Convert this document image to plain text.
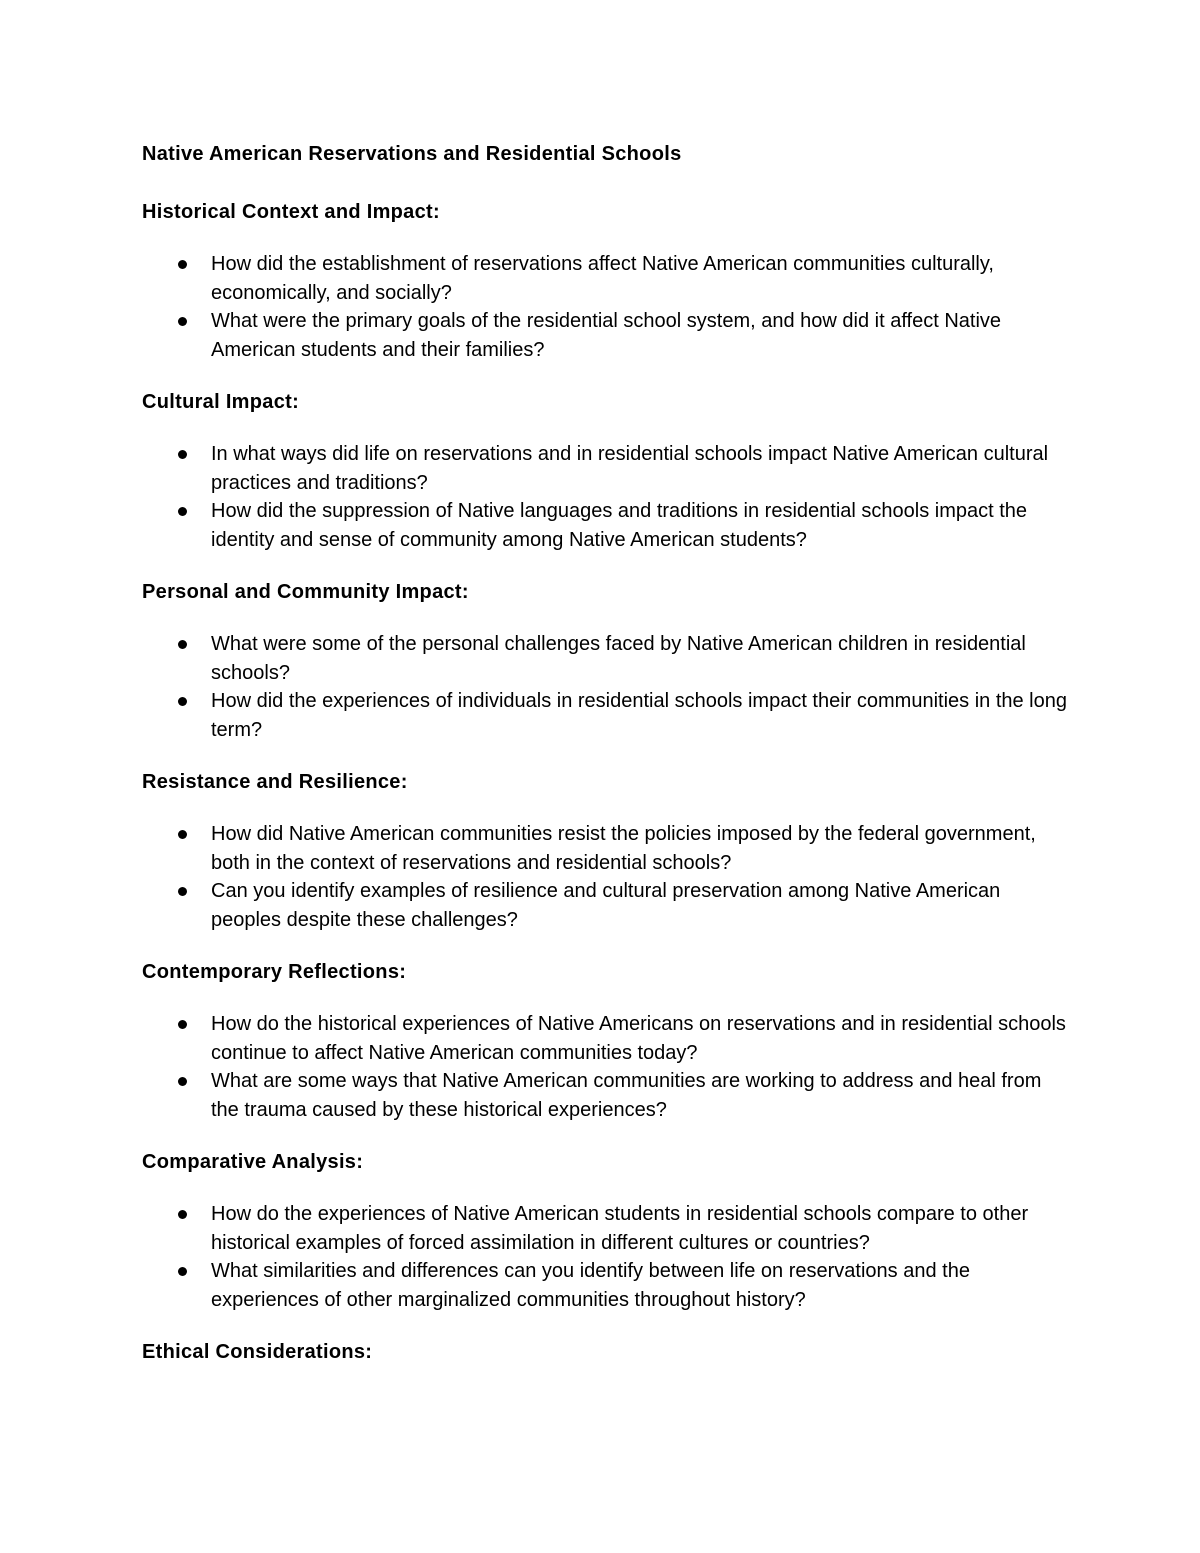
Native American Reservations and Residential Schools
Historical Context and Impact:
How did the establishment of reservations affect Native American communities culturally, economically, and socially?
What were the primary goals of the residential school system, and how did it affect Native American students and their families?
Cultural Impact:
In what ways did life on reservations and in residential schools impact Native American cultural practices and traditions?
How did the suppression of Native languages and traditions in residential schools impact the identity and sense of community among Native American students?
Personal and Community Impact:
What were some of the personal challenges faced by Native American children in residential schools?
How did the experiences of individuals in residential schools impact their communities in the long term?
Resistance and Resilience:
How did Native American communities resist the policies imposed by the federal government, both in the context of reservations and residential schools?
Can you identify examples of resilience and cultural preservation among Native American peoples despite these challenges?
Contemporary Reflections:
How do the historical experiences of Native Americans on reservations and in residential schools continue to affect Native American communities today?
What are some ways that Native American communities are working to address and heal from the trauma caused by these historical experiences?
Comparative Analysis:
How do the experiences of Native American students in residential schools compare to other historical examples of forced assimilation in different cultures or countries?
What similarities and differences can you identify between life on reservations and the experiences of other marginalized communities throughout history?
Ethical Considerations:
